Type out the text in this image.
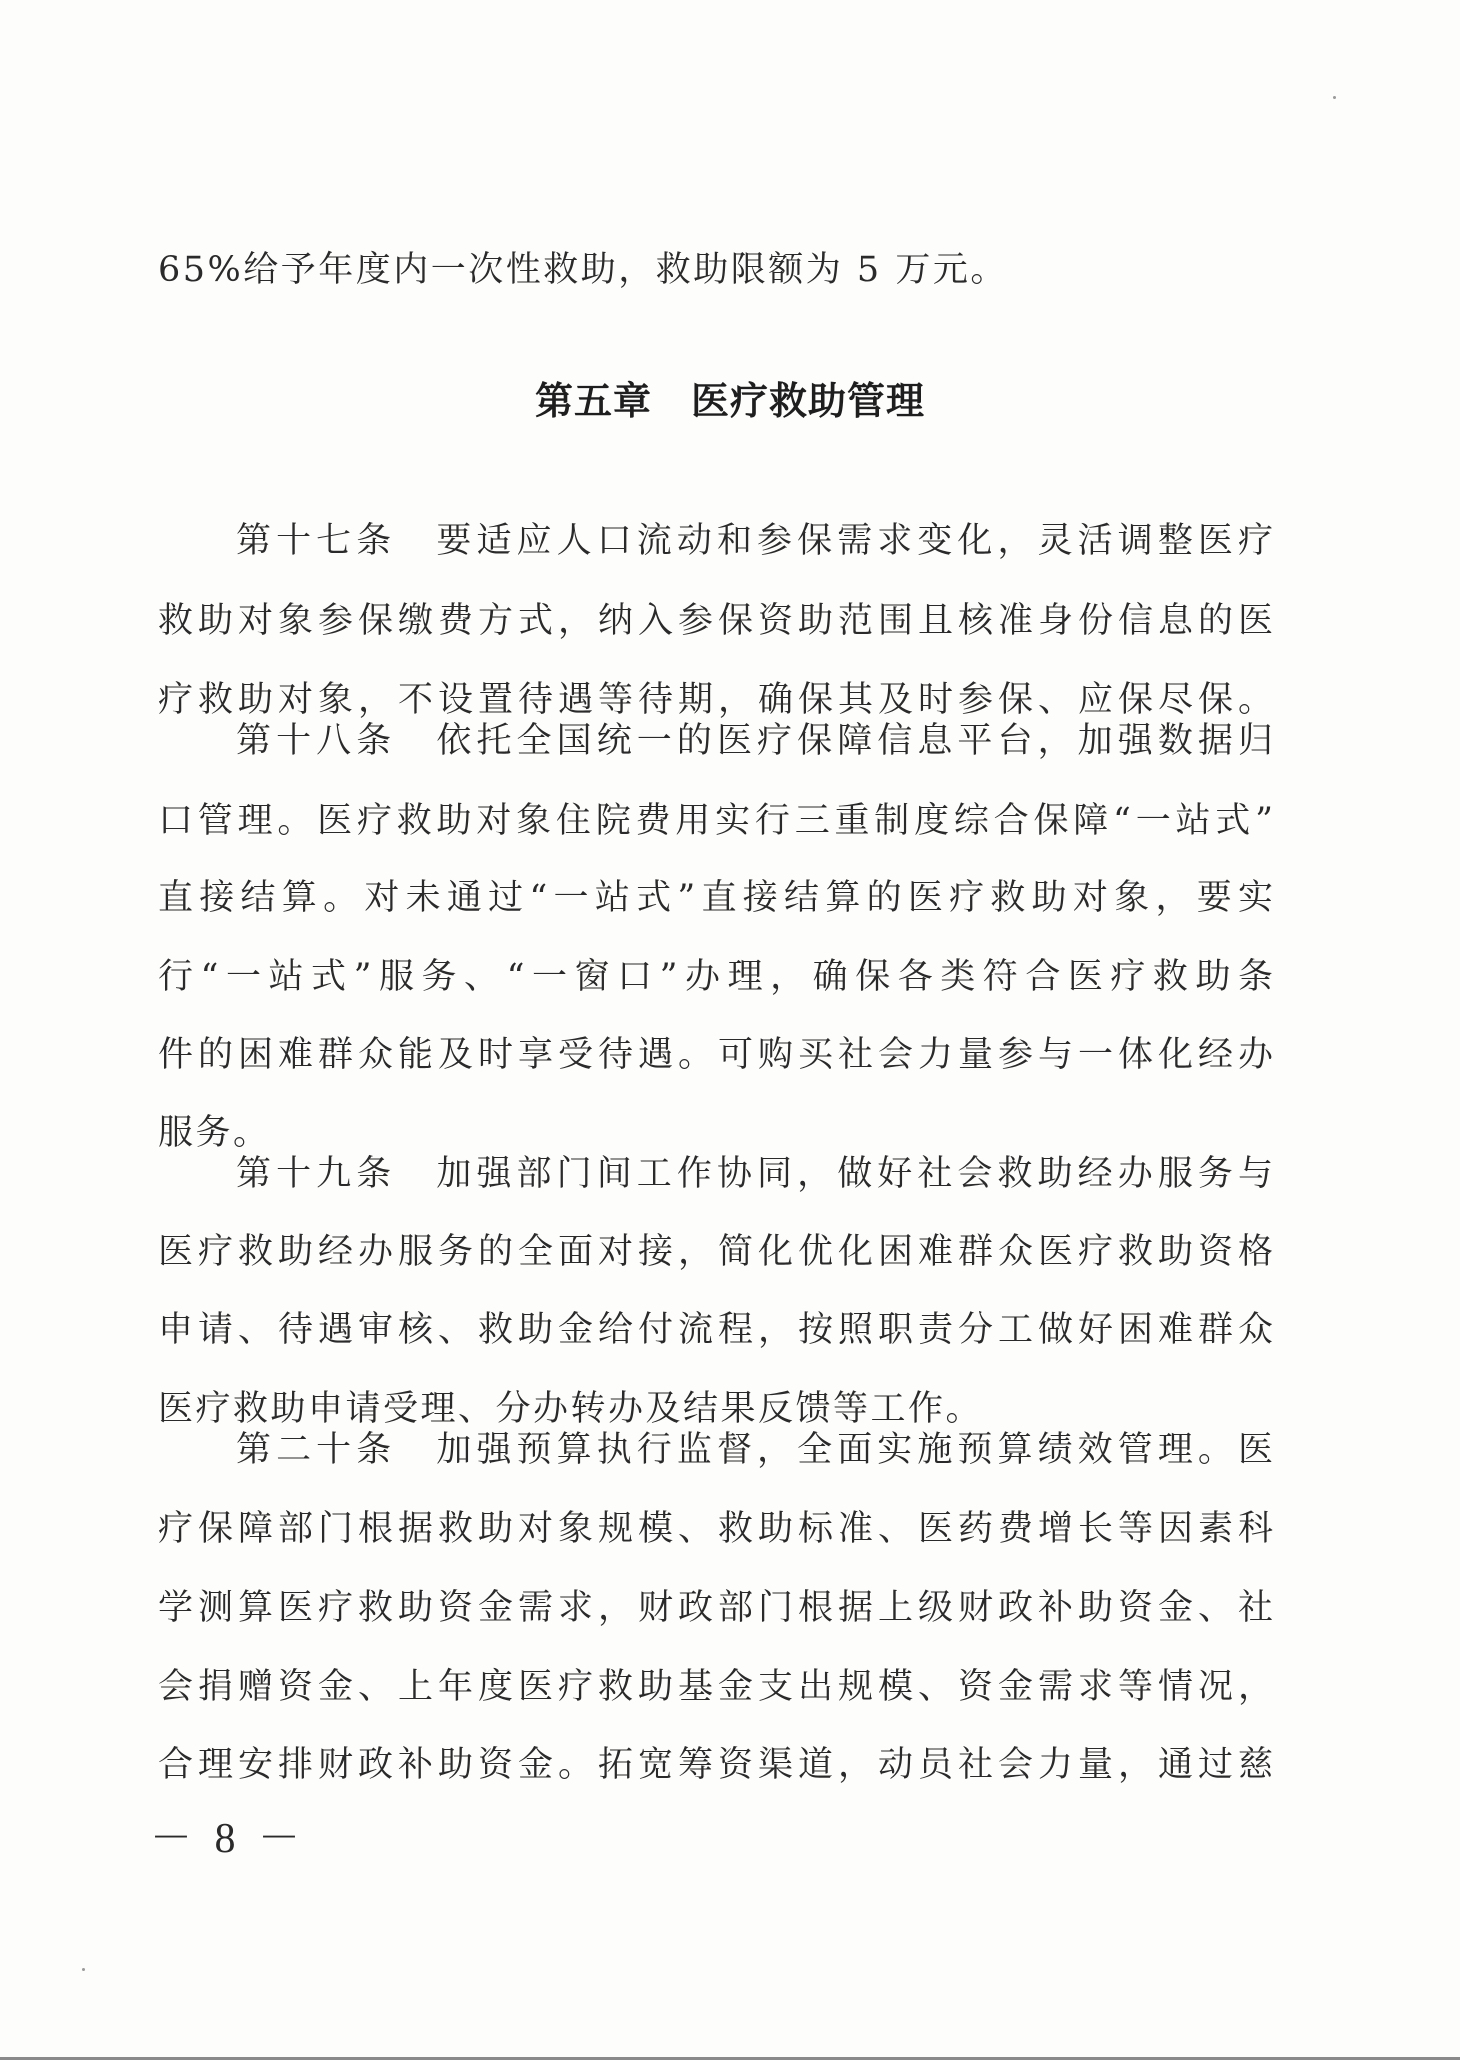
65%给予年度内一次性救助，救助限额为 5 万元。
第五章　医疗救助管理
第十七条　要适应人口流动和参保需求变化，灵活调整医疗
救助对象参保缴费方式，纳入参保资助范围且核准身份信息的医
疗救助对象，不设置待遇等待期，确保其及时参保、应保尽保。
第十八条　依托全国统一的医疗保障信息平台，加强数据归
口管理。医疗救助对象住院费用实行三重制度综合保障“一站式”
直接结算。对未通过“一站式”直接结算的医疗救助对象，要实
行“一站式”服务、“一窗口”办理，确保各类符合医疗救助条
件的困难群众能及时享受待遇。可购买社会力量参与一体化经办
服务。
第十九条　加强部门间工作协同，做好社会救助经办服务与
医疗救助经办服务的全面对接，简化优化困难群众医疗救助资格
申请、待遇审核、救助金给付流程，按照职责分工做好困难群众
医疗救助申请受理、分办转办及结果反馈等工作。
第二十条　加强预算执行监督，全面实施预算绩效管理。医
疗保障部门根据救助对象规模、救助标准、医药费增长等因素科
学测算医疗救助资金需求，财政部门根据上级财政补助资金、社
会捐赠资金、上年度医疗救助基金支出规模、资金需求等情况，
合理安排财政补助资金。拓宽筹资渠道，动员社会力量，通过慈
－ 8 －
